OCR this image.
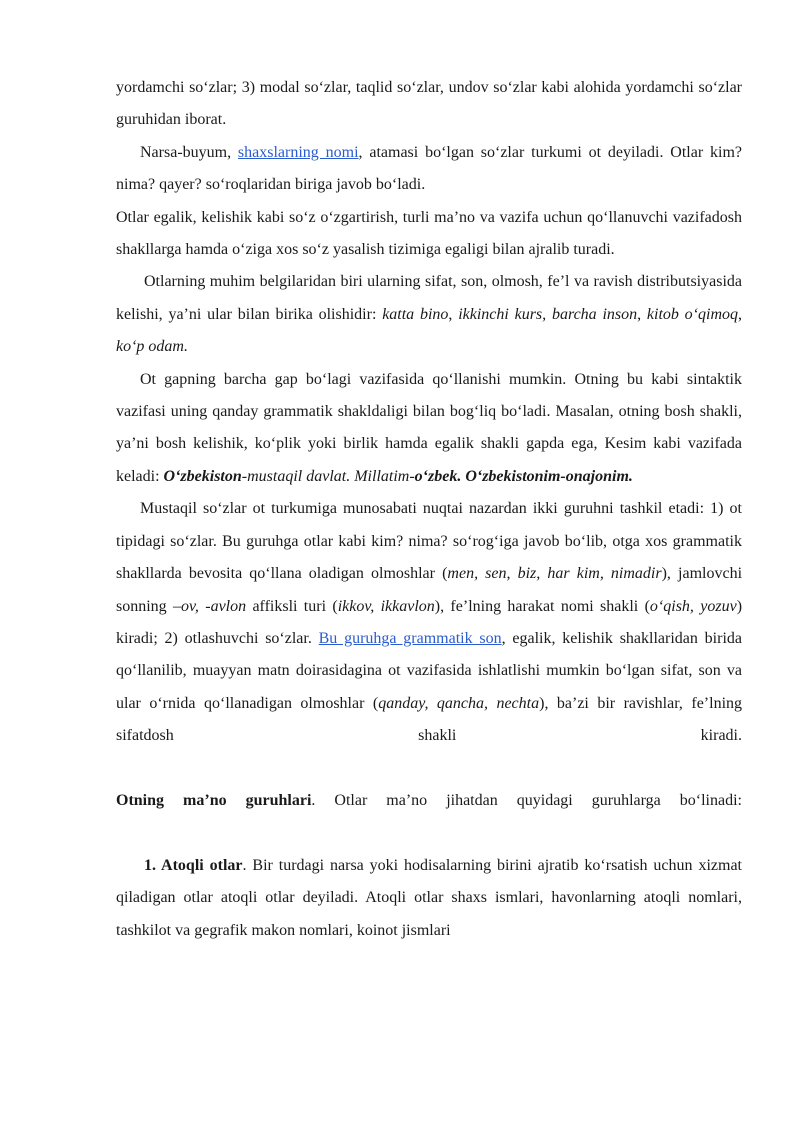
yordamchi so‘zlar; 3) modal so‘zlar, taqlid so‘zlar, undov so‘zlar kabi alohida yordamchi so‘zlar guruhidan iborat.

Narsa-buyum, shaxslarning nomi, atamasi bo‘lgan so‘zlar turkumi ot deyiladi. Otlar kim? nima? qayer? so‘roqlaridan biriga javob bo‘ladi.

Otlar egalik, kelishik kabi so‘z o‘zgartirish, turli ma’no va vazifa uchun qo‘llanuvchi vazifadosh shakllarga hamda o‘ziga xos so‘z yasalish tizimiga egaligi bilan ajralib turadi.

Otlarning muhim belgilaridan biri ularning sifat, son, olmosh, fe’l va ravish distributsiyasida kelishi, ya’ni ular bilan birika olishidir: katta bino, ikkinchi kurs, barcha inson, kitob o‘qimoq, ko‘p odam.

Ot gapning barcha gap bo‘lagi vazifasida qo‘llanishi mumkin. Otning bu kabi sintaktik vazifasi uning qanday grammatik shakldaligi bilan bog‘liq bo‘ladi. Masalan, otning bosh shakli, ya’ni bosh kelishik, ko‘plik yoki birlik hamda egalik shakli gapda ega, Kesim kabi vazifada keladi: O‘zbekiston-mustaqil davlat. Millatim-o‘zbek. O‘zbekistonim-onajonim.

Mustaqil so‘zlar ot turkumiga munosabati nuqtai nazardan ikki guruhni tashkil etadi: 1) ot tipidagi so‘zlar. Bu guruhga otlar kabi kim? nima? so‘rog‘iga javob bo‘lib, otga xos grammatik shakllarda bevosita qo‘llana oladigan olmoshlar (men, sen, biz, har kim, nimadir), jamlovchi sonning –ov, -avlon affiksli turi (ikkov, ikkavlon), fe’lning harakat nomi shakli (o‘qish, yozuv) kiradi; 2) otlashuvchi so‘zlar. Bu guruhga grammatik son, egalik, kelishik shakllaridan birida qo‘llanilib, muayyan matn doirasidagina ot vazifasida ishlatlishi mumkin bo‘lgan sifat, son va ular o‘rnida qo‘llanadigan olmoshlar (qanday, qancha, nechta), ba’zi bir ravishlar, fe’lning sifatdosh shakli kiradi.

Otning ma’no guruhlari. Otlar ma’no jihatdan quyidagi guruhlarga bo‘linadi:

1. Atoqli otlar. Bir turdagi narsa yoki hodisalarning birini ajratib ko‘rsatish uchun xizmat qiladigan otlar atoqli otlar deyiladi. Atoqli otlar shaxs ismlari, havonlarning atoqli nomlari, tashkilot va gegrafik makon nomlari, koinot jismlari
